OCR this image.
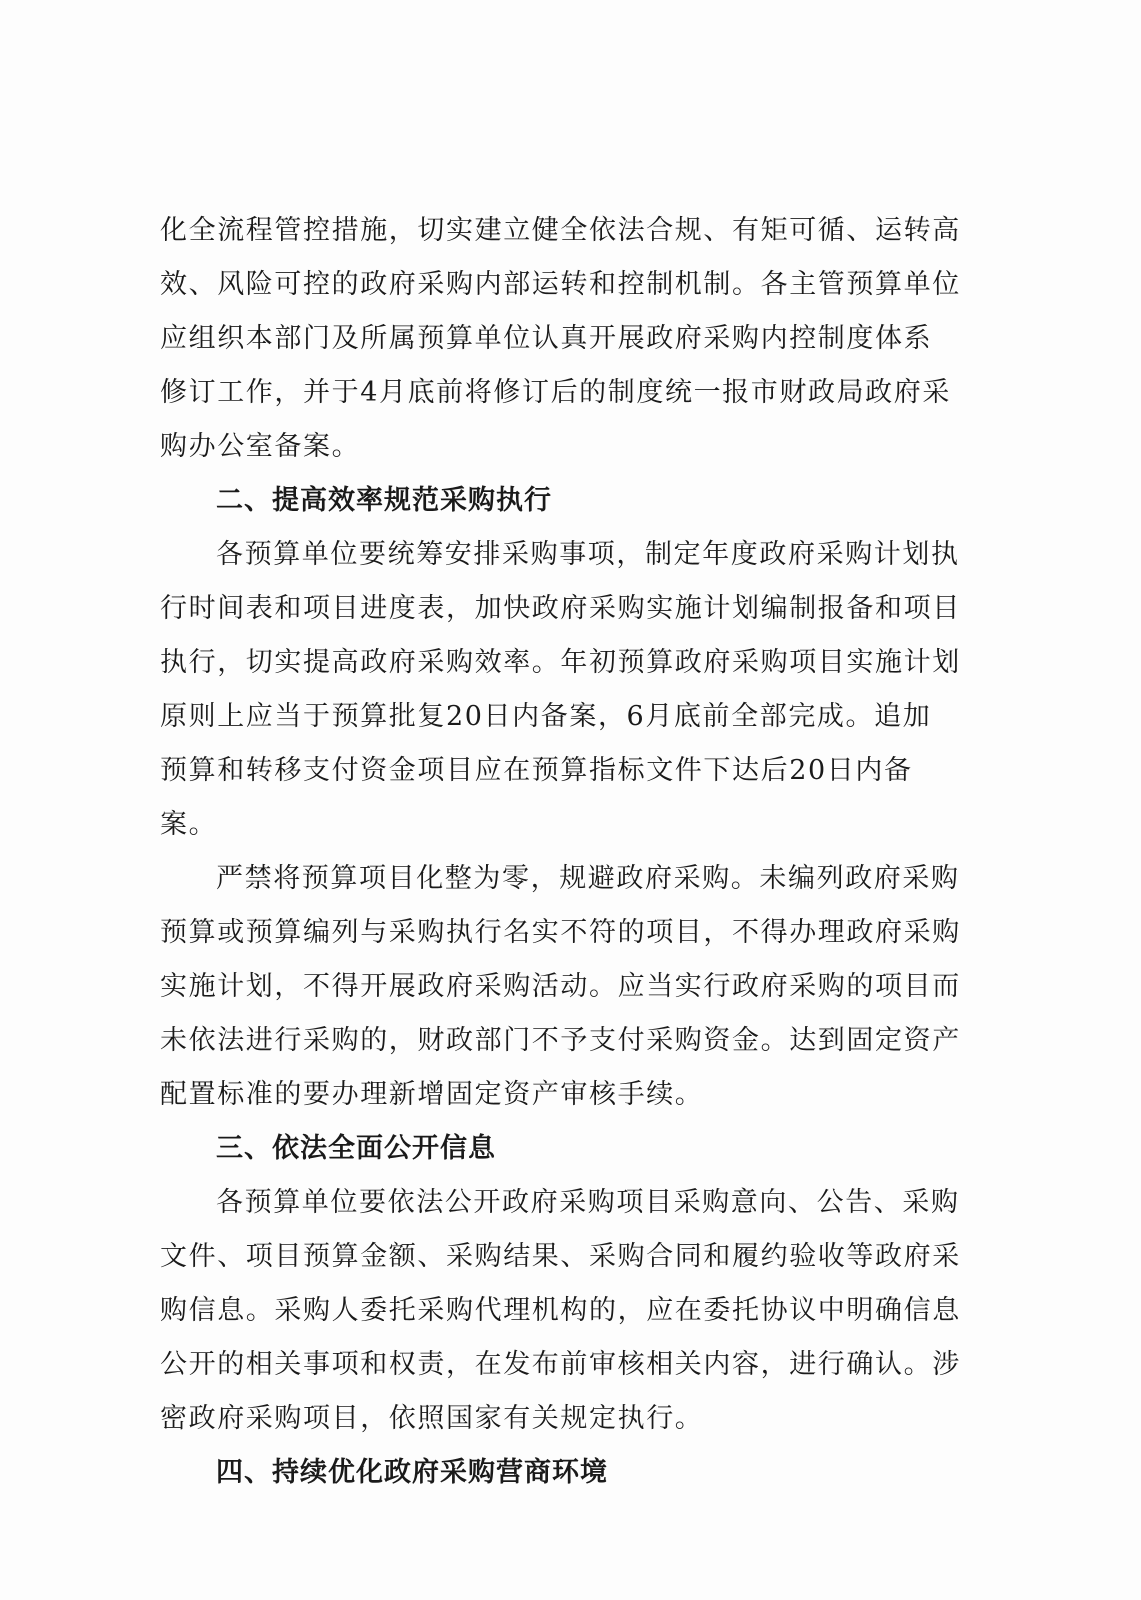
化全流程管控措施，切实建立健全依法合规、有矩可循、运转高
效、风险可控的政府采购内部运转和控制机制。各主管预算单位
应组织本部门及所属预算单位认真开展政府采购内控制度体系
修订工作，并于4月底前将修订后的制度统一报市财政局政府采
购办公室备案。
二、提高效率规范采购执行
各预算单位要统筹安排采购事项，制定年度政府采购计划执
行时间表和项目进度表，加快政府采购实施计划编制报备和项目
执行，切实提高政府采购效率。年初预算政府采购项目实施计划
原则上应当于预算批复20日内备案，6月底前全部完成。追加
预算和转移支付资金项目应在预算指标文件下达后20日内备
案。
严禁将预算项目化整为零，规避政府采购。未编列政府采购
预算或预算编列与采购执行名实不符的项目，不得办理政府采购
实施计划，不得开展政府采购活动。应当实行政府采购的项目而
未依法进行采购的，财政部门不予支付采购资金。达到固定资产
配置标准的要办理新增固定资产审核手续。
三、依法全面公开信息
各预算单位要依法公开政府采购项目采购意向、公告、采购
文件、项目预算金额、采购结果、采购合同和履约验收等政府采
购信息。采购人委托采购代理机构的，应在委托协议中明确信息
公开的相关事项和权责，在发布前审核相关内容，进行确认。涉
密政府采购项目，依照国家有关规定执行。
四、持续优化政府采购营商环境
